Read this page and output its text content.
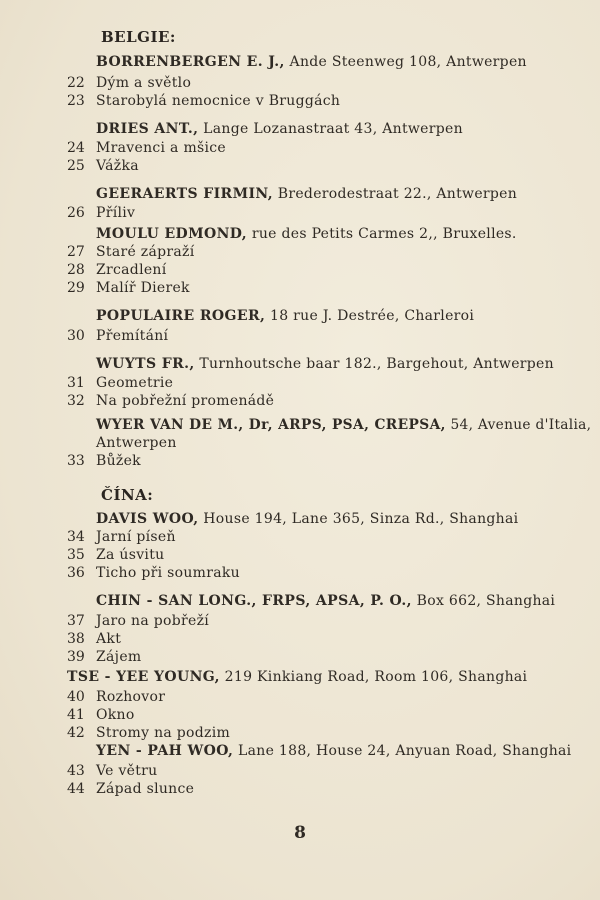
BELGIE:
BORRENBERGEN E. J., Ande Steenweg 108, Antwerpen
22 Dým a světlo
23 Starobylá nemocnice v Bruggách
DRIES ANT., Lange Lozanastraat 43, Antwerpen
24 Mravenci a mšice
25 Vážka
GEERAERTS FIRMIN, Brederodestraat 22., Antwerpen
26 Příliv
MOULU EDMOND, rue des Petits Carmes 2,, Bruxelles.
27 Staré zápraží
28 Zrcadlení
29 Malíř Dierek
POPULAIRE ROGER, 18 rue J. Destrée, Charleroi
30 Přemítání
WUYTS FR., Turnhoutsche baar 182., Bargehout, Antwerpen
31 Geometrie
32 Na pobřežní promenádě
WYER VAN DE M., Dr, ARPS, PSA, CREPSA, 54, Avenue d'Italia,
Antwerpen
33 Bůžek
ČÍNA:
DAVIS WOO, House 194, Lane 365, Sinza Rd., Shanghai
34 Jarní píseň
35 Za úsvitu
36 Ticho při soumraku
CHIN - SAN LONG., FRPS, APSA, P. O., Box 662, Shanghai
37 Jaro na pobřeží
38 Akt
39 Zájem
TSE - YEE YOUNG, 219 Kinkiang Road, Room 106, Shanghai
40 Rozhovor
41 Okno
42 Stromy na podzim
YEN - PAH WOO, Lane 188, House 24, Anyuan Road, Shanghai
43 Ve větru
44 Západ slunce
8
